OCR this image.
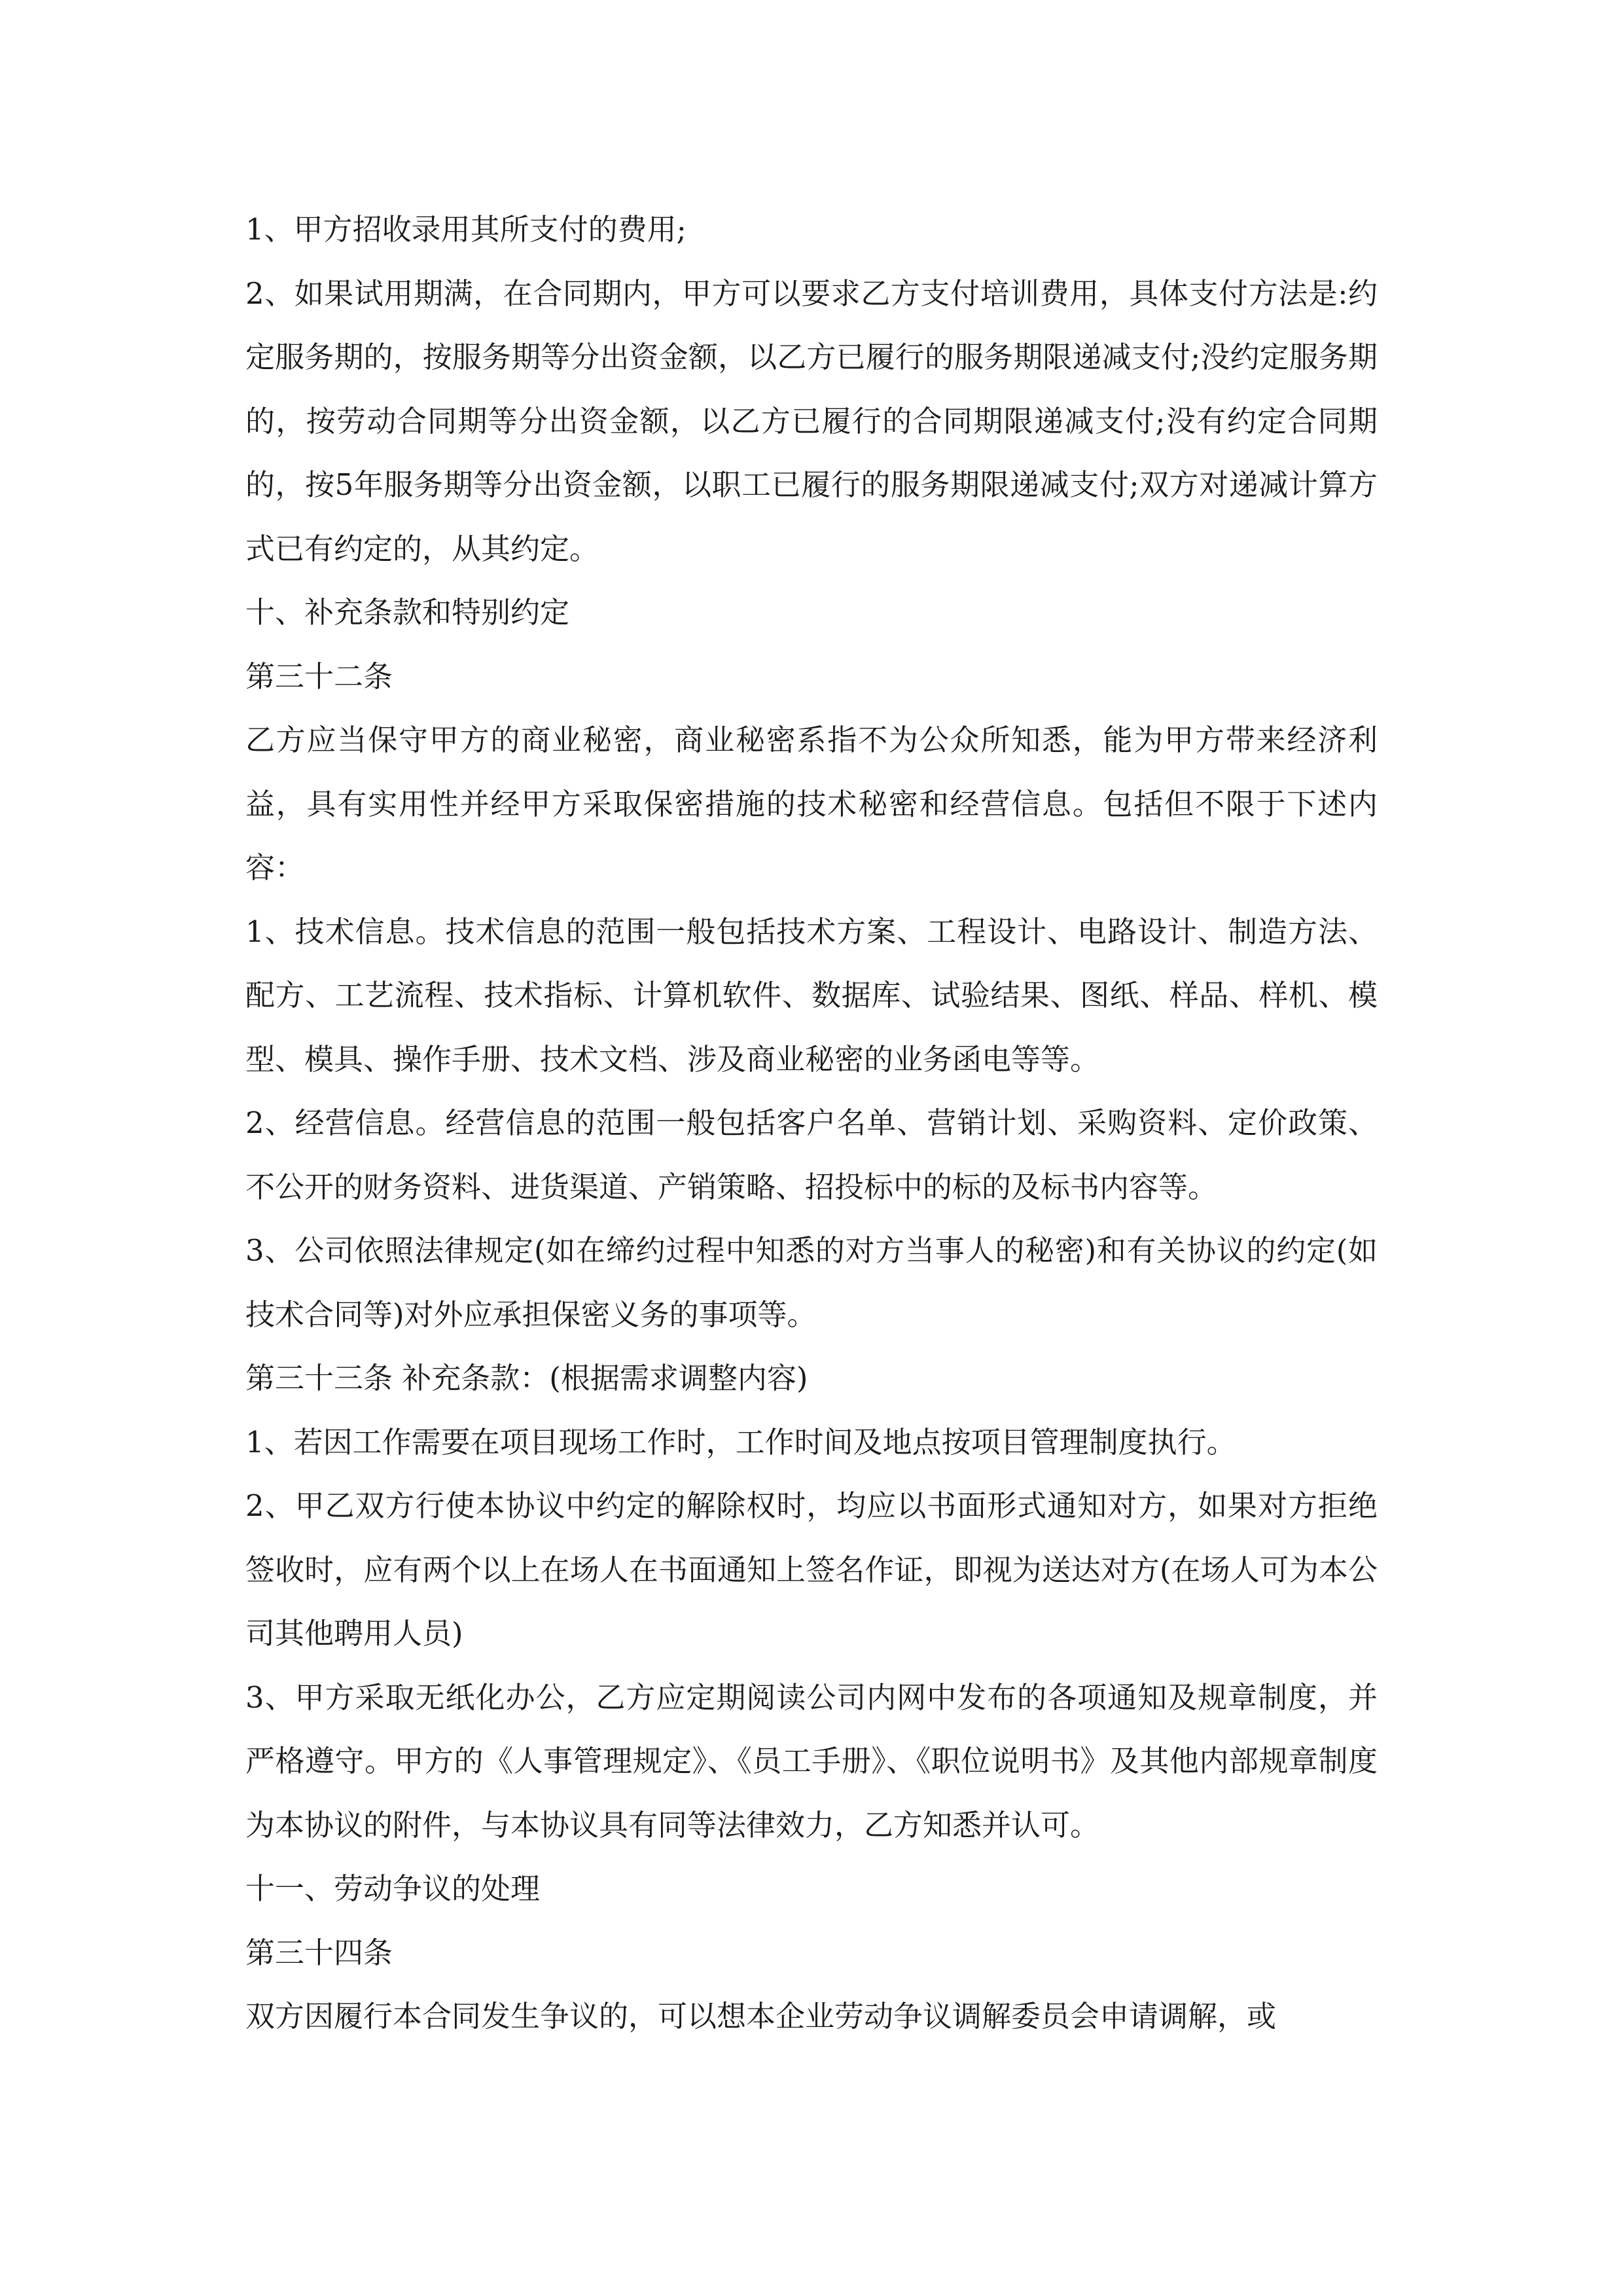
1、甲方招收录用其所支付的费用;

2、如果试用期满，在合同期内，甲方可以要求乙方支付培训费用，具体支付方法是:约定服务期的，按服务期等分出资金额，以乙方已履行的服务期限递减支付;没约定服务期的，按劳动合同期等分出资金额，以乙方已履行的合同期限递减支付;没有约定合同期的，按5年服务期等分出资金额，以职工已履行的服务期限递减支付;双方对递减计算方式已有约定的，从其约定。

十、补充条款和特别约定

第三十二条

乙方应当保守甲方的商业秘密，商业秘密系指不为公众所知悉，能为甲方带来经济利益，具有实用性并经甲方采取保密措施的技术秘密和经营信息。包括但不限于下述内容：

1、技术信息。技术信息的范围一般包括技术方案、工程设计、电路设计、制造方法、配方、工艺流程、技术指标、计算机软件、数据库、试验结果、图纸、样品、样机、模型、模具、操作手册、技术文档、涉及商业秘密的业务函电等等。

2、经营信息。经营信息的范围一般包括客户名单、营销计划、采购资料、定价政策、不公开的财务资料、进货渠道、产销策略、招投标中的标的及标书内容等。

3、公司依照法律规定(如在缔约过程中知悉的对方当事人的秘密)和有关协议的约定(如技术合同等)对外应承担保密义务的事项等。

第三十三条 补充条款：(根据需求调整内容)

1、若因工作需要在项目现场工作时，工作时间及地点按项目管理制度执行。

2、甲乙双方行使本协议中约定的解除权时，均应以书面形式通知对方，如果对方拒绝签收时，应有两个以上在场人在书面通知上签名作证，即视为送达对方(在场人可为本公司其他聘用人员)

3、甲方采取无纸化办公，乙方应定期阅读公司内网中发布的各项通知及规章制度，并严格遵守。甲方的《人事管理规定》、《员工手册》、《职位说明书》及其他内部规章制度为本协议的附件，与本协议具有同等法律效力，乙方知悉并认可。

十一、劳动争议的处理

第三十四条

双方因履行本合同发生争议的，可以想本企业劳动争议调解委员会申请调解，或
